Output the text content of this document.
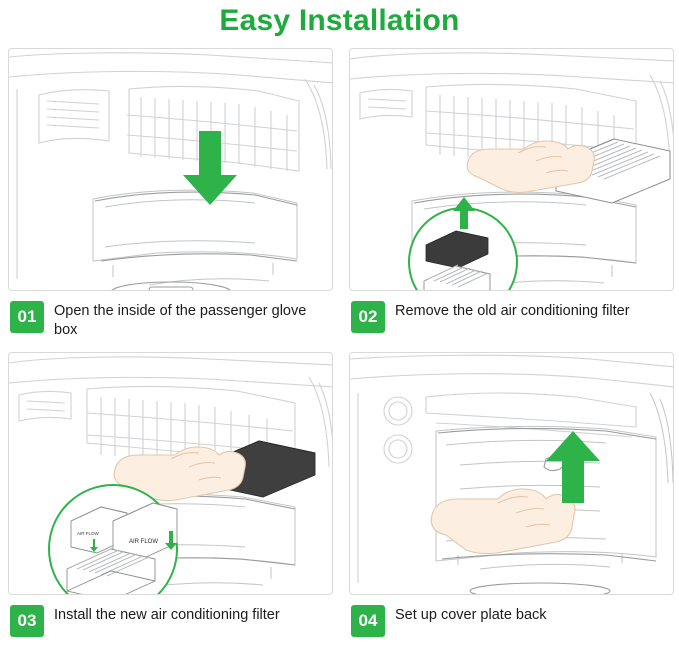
Easy Installation
01	Open the inside of the passenger glove box
02	Remove the old air conditioning filter
AIR FLOW
AIR FLOW
03	Install the new air conditioning filter	04	Set up cover plate back
